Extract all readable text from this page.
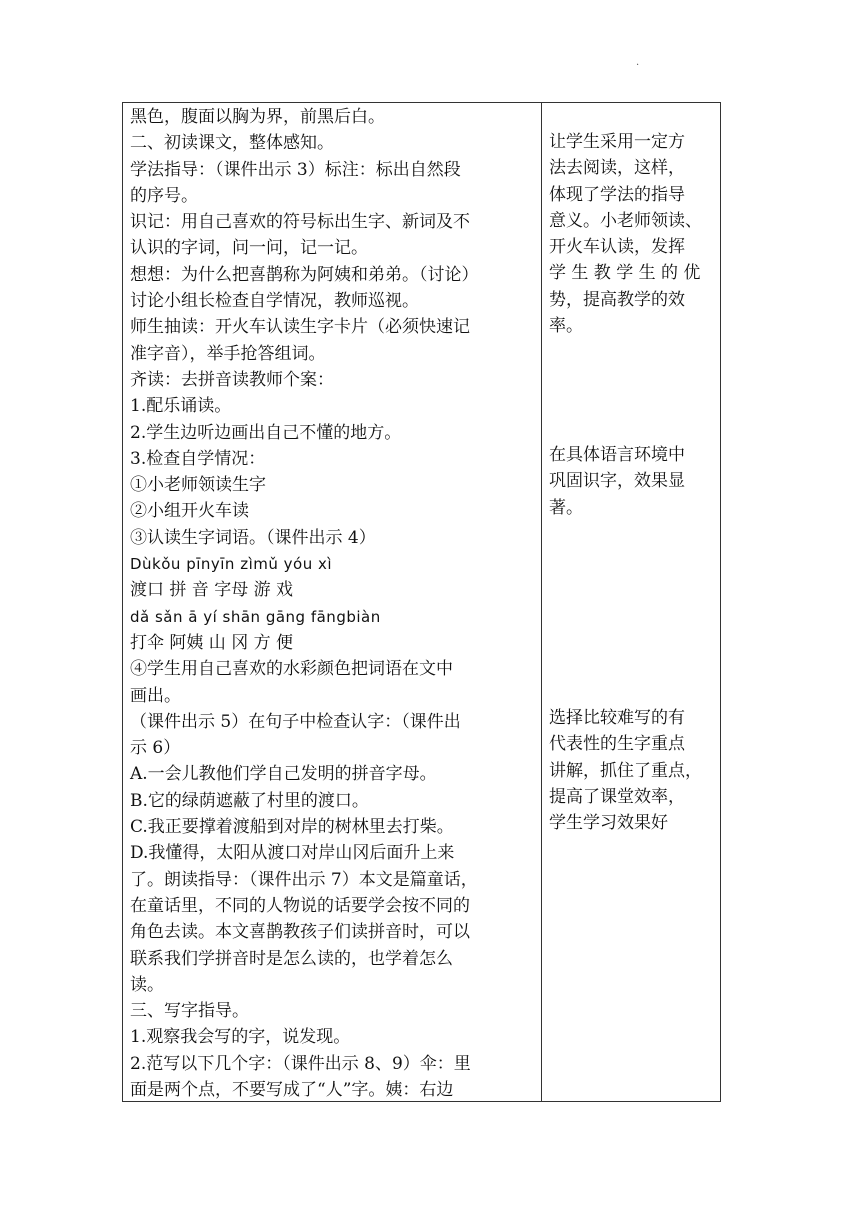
.
黑色，腹面以胸为界，前黑后白。
二、初读课文，整体感知。
学法指导：（课件出示 3）标注：标出自然段
的序号。
识记：用自己喜欢的符号标出生字、新词及不
认识的字词，问一问，记一记。
想想：为什么把喜鹊称为阿姨和弟弟。（讨论）
讨论小组长检查自学情况，教师巡视。
师生抽读：开火车认读生字卡片（必须快速记
准字音），举手抢答组词。
齐读：去拼音读教师个案：
1.配乐诵读。
2.学生边听边画出自己不懂的地方。
3.检查自学情况：
①小老师领读生字
②小组开火车读
③认读生字词语。（课件出示 4）
Dùkǒu pīnyīn zìmǔ yóu xì
渡口 拼 音 字母 游 戏
dǎ sǎn ā yí shān gāng fāngbiàn
打伞 阿姨 山 冈 方 便
④学生用自己喜欢的水彩颜色把词语在文中
画出。
（课件出示 5）在句子中检查认字：（课件出
示 6）
A.一会儿教他们学自己发明的拼音字母。
B.它的绿荫遮蔽了村里的渡口。
C.我正要撑着渡船到对岸的树林里去打柴。
D.我懂得，太阳从渡口对岸山冈后面升上来
了。朗读指导：（课件出示 7）本文是篇童话，
在童话里，不同的人物说的话要学会按不同的
角色去读。本文喜鹊教孩子们读拼音时，可以
联系我们学拼音时是怎么读的，也学着怎么
读。
三、写字指导。
1.观察我会写的字，说发现。
2.范写以下几个字：（课件出示 8、9）伞：里
面是两个点，不要写成了“人”字。姨：右边
让学生采用一定方
法去阅读，这样，
体现了学法的指导
意义。小老师领读、
开火车认读，发挥
学 生 教 学 生 的 优
势，提高教学的效
率。
在具体语言环境中
巩固识字，效果显
著。
选择比较难写的有
代表性的生字重点
讲解，抓住了重点，
提高了课堂效率，
学生学习效果好
